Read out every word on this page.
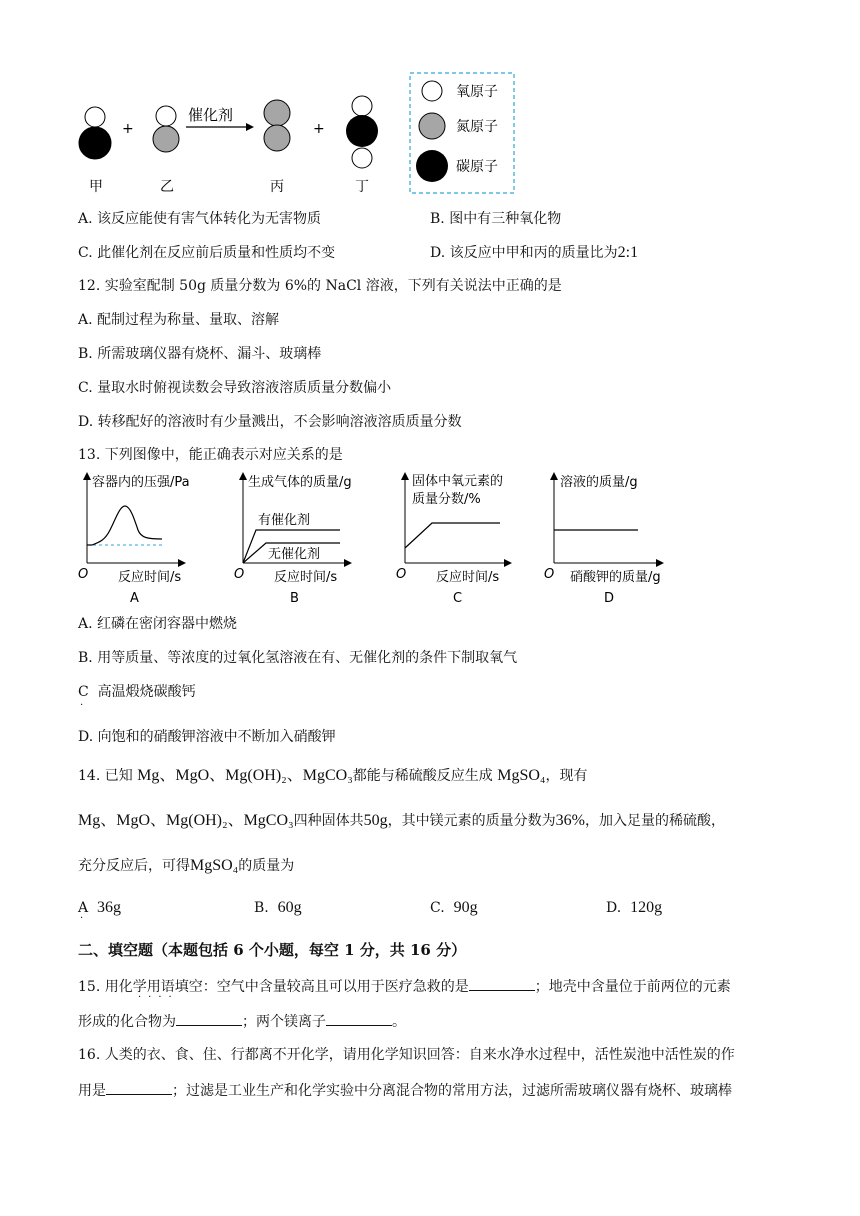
+
催化剂
+
甲	乙	丙	丁
氧原子
氮原子
碳原子
A. 该反应能使有害气体转化为无害物质	B. 图中有三种氧化物
C. 此催化剂在反应前后质量和性质均不变	D. 该反应中甲和丙的质量比为2:1
12. 实验室配制 50g 质量分数为 6%的 NaCl 溶液，下列有关说法中正确的是
A. 配制过程为称量、量取、溶解
B. 所需玻璃仪器有烧杯、漏斗、玻璃棒
C. 量取水时俯视读数会导致溶液溶质质量分数偏小
D. 转移配好的溶液时有少量溅出，不会影响溶液溶质质量分数
13. 下列图像中，能正确表示对应关系的是
容器内的压强/Pa
O 反应时间/s
A
生成气体的质量/g
有催化剂
无催化剂
O 反应时间/s
B
固体中氧元素的
质量分数/%
O 反应时间/s
C
溶液的质量/g
O 硝酸钾的质量/g
D
A. 红磷在密闭容器中燃烧
B. 用等质量、等浓度的过氧化氢溶液在有、无催化剂的条件下制取氧气
C 高温煅烧碳酸钙
·
D. 向饱和的硝酸钾溶液中不断加入硝酸钾
14. 已知 Mg、MgO、Mg(OH)₂、MgCO₃都能与稀硫酸反应生成 MgSO₄，现有
Mg、MgO、Mg(OH)₂、MgCO₃四种固体共50g，其中镁元素的质量分数为36%，加入足量的稀硫酸，
充分反应后，可得MgSO₄的质量为
A 36g
·
B. 60g	C. 90g	D. 120g
二、填空题（本题包括 6 个小题，每空 1 分，共 16 分）
15. 用化学用语填空：空气中含量较高且可以用于医疗急救的是	；地壳中含量位于前两位的元素
····
形成的化合物为	；两个镁离子	。
16. 人类的衣、食、住、行都离不开化学，请用化学知识回答：自来水净水过程中，活性炭池中活性炭的作
用是	；过滤是工业生产和化学实验中分离混合物的常用方法，过滤所需玻璃仪器有烧杯、玻璃棒
